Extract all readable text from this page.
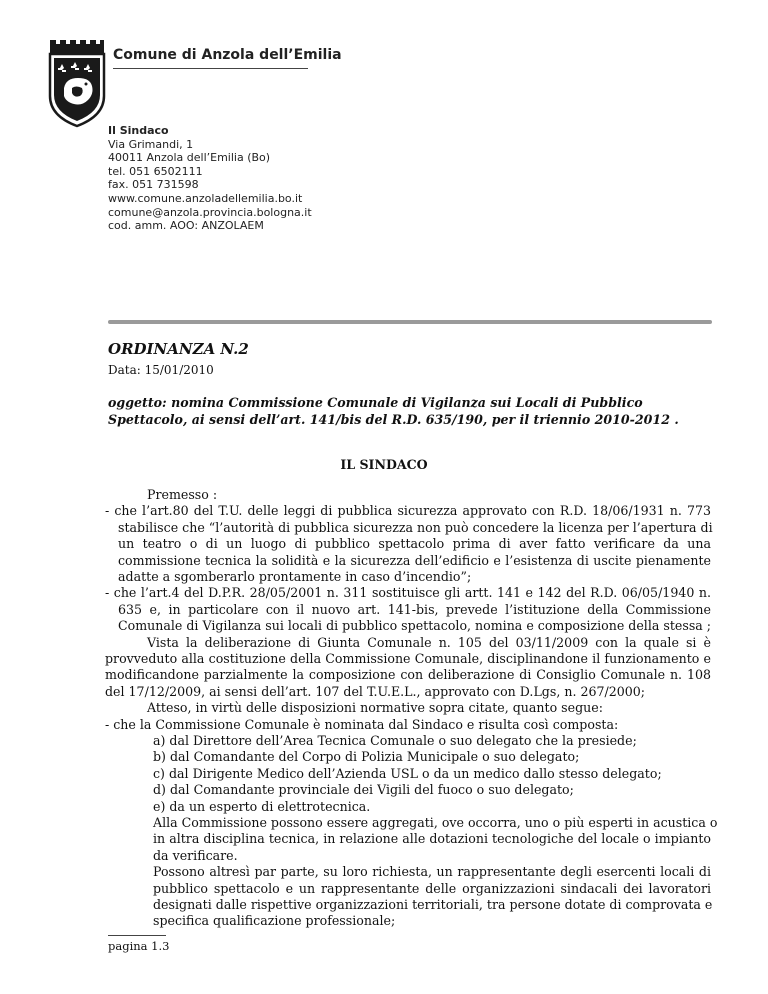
Comune di Anzola dell’Emilia
Il Sindaco
Via Grimandi, 1
40011 Anzola dell’Emilia (Bo)
tel. 051 6502111
fax. 051 731598
www.comune.anzoladellemilia.bo.it
comune@anzola.provincia.bologna.it
cod. amm. AOO: ANZOLAEM
ORDINANZA N.2
Data: 15/01/2010
oggetto: nomina Commissione Comunale di Vigilanza sui Locali di Pubblico
Spettacolo, ai sensi dell’art. 141/bis del R.D. 635/190, per il triennio 2010-2012 .
IL SINDACO
Premesso :
- che l’art.80 del T.U. delle leggi di pubblica sicurezza approvato con R.D. 18/06/1931 n. 773
stabilisce che “l’autorità di pubblica sicurezza non può concedere la licenza per l’apertura di
un teatro o di un luogo di pubblico spettacolo prima di aver fatto verificare da una
commissione tecnica la solidità e la sicurezza dell’edificio e l’esistenza di uscite pienamente
adatte a sgomberarlo prontamente in caso d’incendio”;
- che l’art.4 del D.P.R. 28/05/2001 n. 311 sostituisce gli artt. 141 e 142 del R.D. 06/05/1940 n.
635 e, in particolare con il nuovo art. 141-bis, prevede l’istituzione della Commissione
Comunale di Vigilanza sui locali di pubblico spettacolo, nomina e composizione della stessa ;
Vista la deliberazione di Giunta Comunale n. 105 del 03/11/2009 con la quale si è
provveduto alla costituzione della Commissione Comunale, disciplinandone il funzionamento e
modificandone parzialmente la composizione con deliberazione di Consiglio Comunale n. 108
del 17/12/2009, ai sensi dell’art. 107 del T.U.E.L., approvato con D.Lgs, n. 267/2000;
Atteso, in virtù delle disposizioni normative sopra citate, quanto segue:
- che la Commissione Comunale è nominata dal Sindaco e risulta così composta:
a) dal Direttore dell’Area Tecnica Comunale o suo delegato che la presiede;
b) dal Comandante del Corpo di Polizia Municipale o suo delegato;
c) dal Dirigente Medico dell’Azienda USL o da un medico dallo stesso delegato;
d) dal Comandante provinciale dei Vigili del fuoco o suo delegato;
e) da un esperto di elettrotecnica.
Alla Commissione possono essere aggregati, ove occorra, uno o più esperti in acustica o
in altra disciplina tecnica, in relazione alle dotazioni tecnologiche del locale o impianto
da verificare.
Possono altresì par parte, su loro richiesta, un rappresentante degli esercenti locali di
pubblico spettacolo e un rappresentante delle organizzazioni sindacali dei lavoratori
designati dalle rispettive organizzazioni territoriali, tra persone dotate di comprovata e
specifica qualificazione professionale;
pagina 1.3
